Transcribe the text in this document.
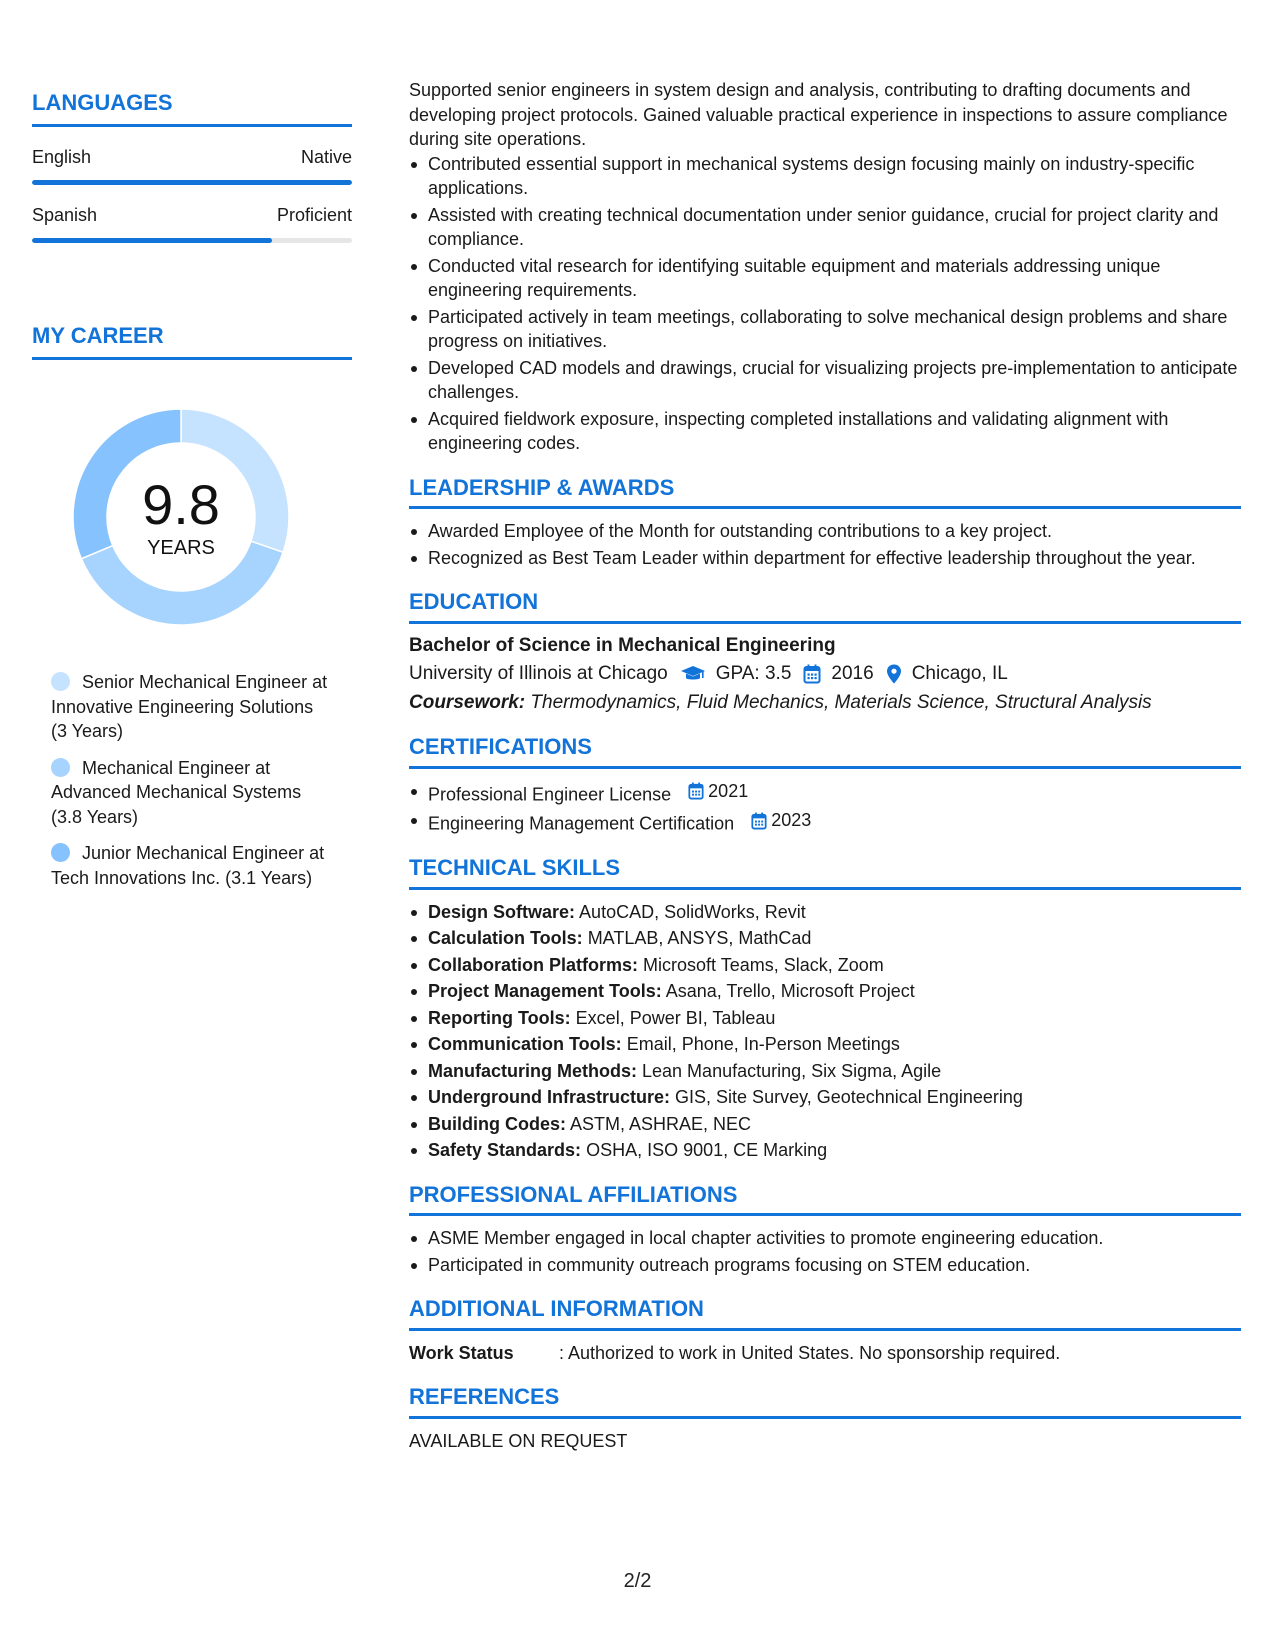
LANGUAGES
English	Native
Spanish	Proficient
MY CAREER
9.8
YEARS
Senior Mechanical Engineer at Innovative Engineering Solutions (3 Years)
Mechanical Engineer at Advanced Mechanical Systems (3.8 Years)
Junior Mechanical Engineer at Tech Innovations Inc. (3.1 Years)

Supported senior engineers in system design and analysis, contributing to drafting documents and developing project protocols. Gained valuable practical experience in inspections to assure compliance during site operations.

Contributed essential support in mechanical systems design focusing mainly on industry-specific applications.
Assisted with creating technical documentation under senior guidance, crucial for project clarity and compliance.
Conducted vital research for identifying suitable equipment and materials addressing unique engineering requirements.
Participated actively in team meetings, collaborating to solve mechanical design problems and share progress on initiatives.
Developed CAD models and drawings, crucial for visualizing projects pre-implementation to anticipate challenges.
Acquired fieldwork exposure, inspecting completed installations and validating alignment with engineering codes.
LEADERSHIP & AWARDS
Awarded Employee of the Month for outstanding contributions to a key project.
Recognized as Best Team Leader within department for effective leadership throughout the year.
EDUCATION
Bachelor of Science in Mechanical Engineering
University of Illinois at Chicago	GPA: 3.5 2016 Chicago, IL
Coursework: Thermodynamics, Fluid Mechanics, Materials Science, Structural Analysis
CERTIFICATIONS
Professional Engineer License 2021
Engineering Management Certification 2023
TECHNICAL SKILLS
Design Software: AutoCAD, SolidWorks, Revit
Calculation Tools: MATLAB, ANSYS, MathCad
Collaboration Platforms: Microsoft Teams, Slack, Zoom
Project Management Tools: Asana, Trello, Microsoft Project
Reporting Tools: Excel, Power BI, Tableau
Communication Tools: Email, Phone, In-Person Meetings
Manufacturing Methods: Lean Manufacturing, Six Sigma, Agile
Underground Infrastructure: GIS, Site Survey, Geotechnical Engineering
Building Codes: ASTM, ASHRAE, NEC
Safety Standards: OSHA, ISO 9001, CE Marking
PROFESSIONAL AFFILIATIONS
ASME Member engaged in local chapter activities to promote engineering education.
Participated in community outreach programs focusing on STEM education.
ADDITIONAL INFORMATION
Work Status	: Authorized to work in United States. No sponsorship required.
REFERENCES
AVAILABLE ON REQUEST
2/2
